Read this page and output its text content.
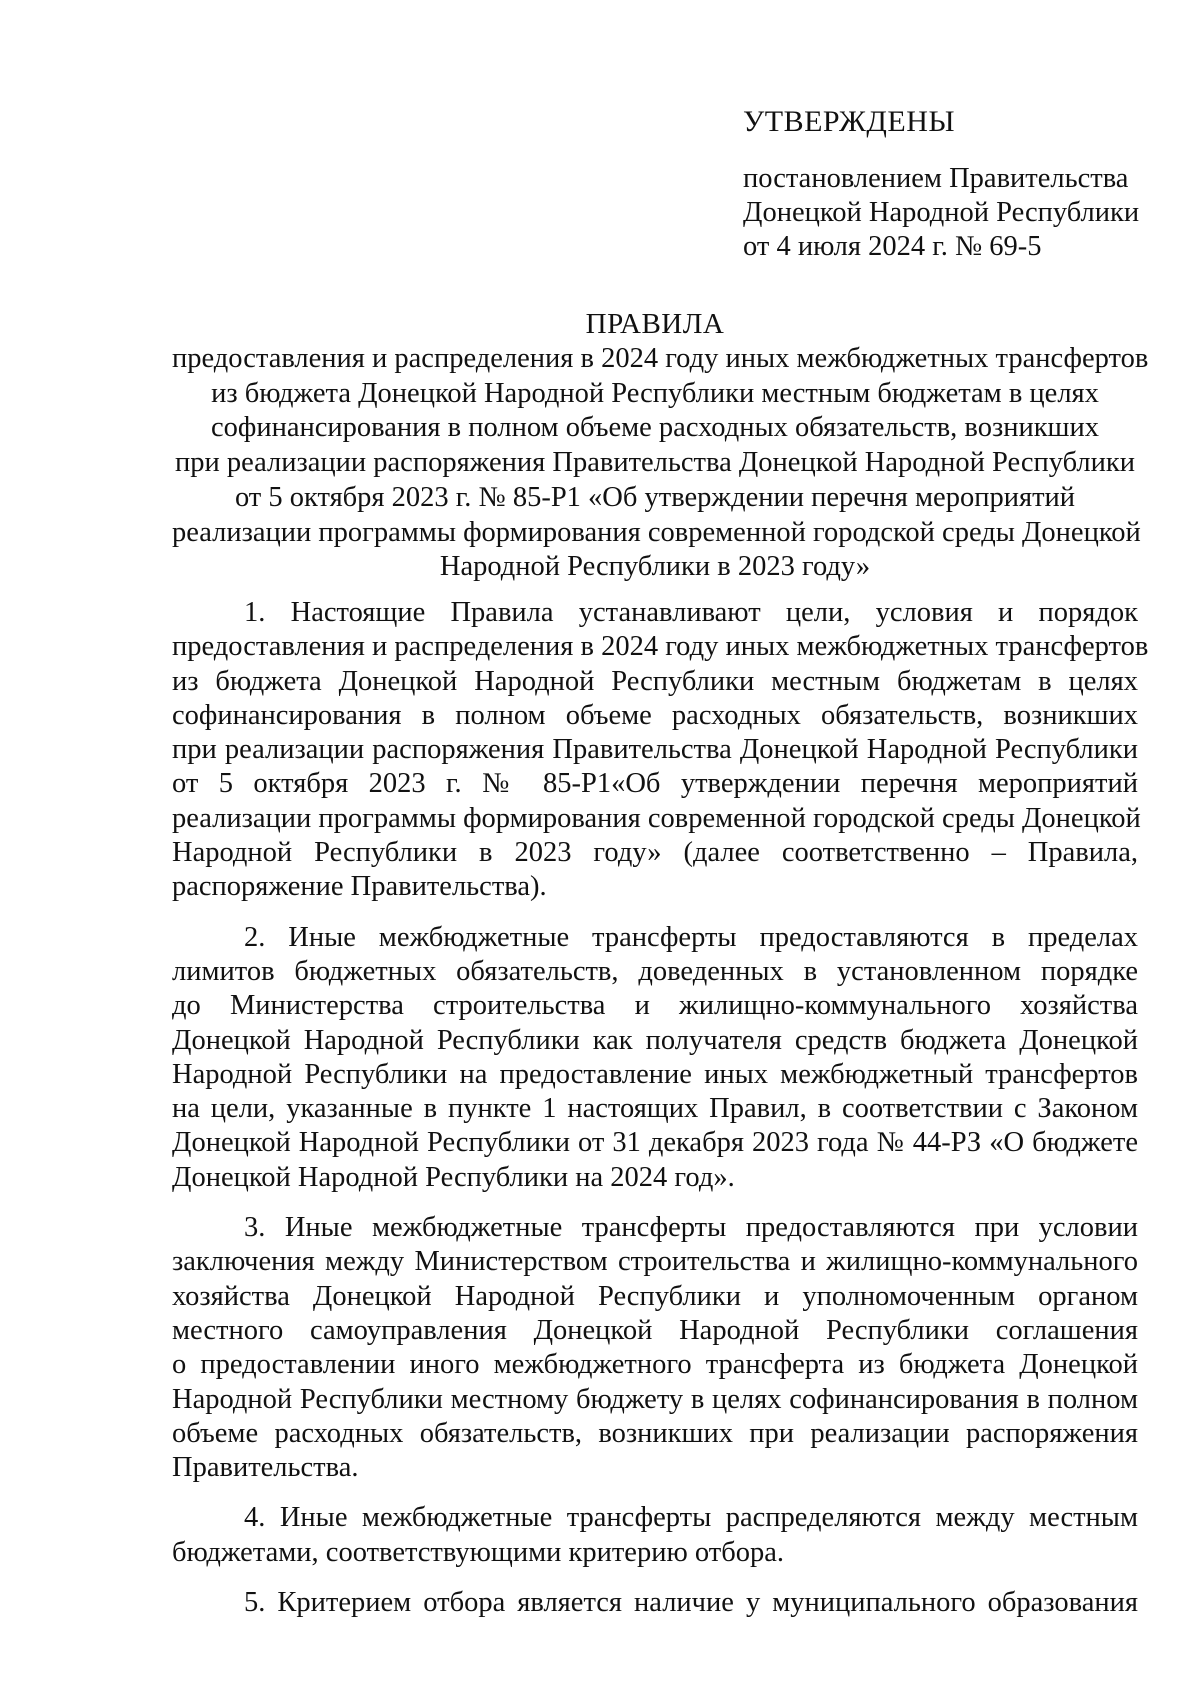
УТВЕРЖДЕНЫ
постановлением Правительства
Донецкой Народной Республики
от 4 июля 2024 г. № 69-5
ПРАВИЛА
предоставления и распределения в 2024 году иных межбюджетных трансфертов
из бюджета Донецкой Народной Республики местным бюджетам в целях
софинансирования в полном объеме расходных обязательств, возникших
при реализации распоряжения Правительства Донецкой Народной Республики
от 5 октября 2023 г. № 85-Р1 «Об утверждении перечня мероприятий
реализации программы формирования современной городской среды Донецкой
Народной Республики в 2023 году»
1. Настоящие Правила устанавливают цели, условия и порядок
предоставления и распределения в 2024 году иных межбюджетных трансфертов
из бюджета Донецкой Народной Республики местным бюджетам в целях
софинансирования в полном объеме расходных обязательств, возникших
при реализации распоряжения Правительства Донецкой Народной Республики
от 5 октября 2023 г. № 85-Р1«Об утверждении перечня мероприятий
реализации программы формирования современной городской среды Донецкой
Народной Республики в 2023 году» (далее соответственно – Правила,
распоряжение Правительства).
2. Иные межбюджетные трансферты предоставляются в пределах
лимитов бюджетных обязательств, доведенных в установленном порядке
до Министерства строительства и жилищно-коммунального хозяйства
Донецкой Народной Республики как получателя средств бюджета Донецкой
Народной Республики на предоставление иных межбюджетный трансфертов
на цели, указанные в пункте 1 настоящих Правил, в соответствии с Законом
Донецкой Народной Республики от 31 декабря 2023 года № 44-РЗ «О бюджете
Донецкой Народной Республики на 2024 год».
3. Иные межбюджетные трансферты предоставляются при условии
заключения между Министерством строительства и жилищно-коммунального
хозяйства Донецкой Народной Республики и уполномоченным органом
местного самоуправления Донецкой Народной Республики соглашения
о предоставлении иного межбюджетного трансферта из бюджета Донецкой
Народной Республики местному бюджету в целях софинансирования в полном
объеме расходных обязательств, возникших при реализации распоряжения
Правительства.
4. Иные межбюджетные трансферты распределяются между местным
бюджетами, соответствующими критерию отбора.
5. Критерием отбора является наличие у муниципального образования
